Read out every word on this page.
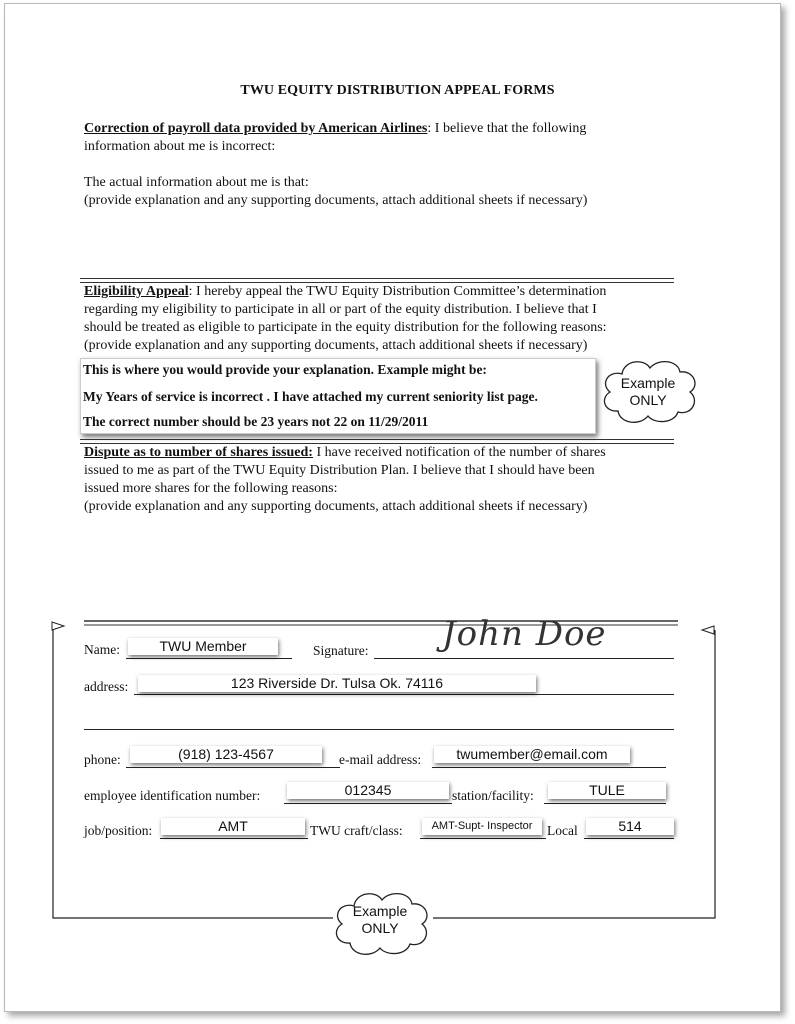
TWU EQUITY DISTRIBUTION APPEAL FORMS
Correction of payroll data provided by American Airlines: I believe that the following
information about me is incorrect:
The actual information about me is that:
(provide explanation and any supporting documents, attach additional sheets if necessary)
Eligibility Appeal: I hereby appeal the TWU Equity Distribution Committee’s determination
regarding my eligibility to participate in all or part of the equity distribution. I believe that I
should be treated as eligible to participate in the equity distribution for the following reasons:
(provide explanation and any supporting documents, attach additional sheets if necessary)
This is where you would provide your explanation. Example might be:
My Years of service is incorrect . I have attached my current seniority list page.
The correct number should be 23 years not 22 on 11/29/2011
Example
ONLY
Dispute as to number of shares issued: I have received notification of the number of shares
issued to me as part of the TWU Equity Distribution Plan. I believe that I should have been
issued more shares for the following reasons:
(provide explanation and any supporting documents, attach additional sheets if necessary)
Name:	TWU Member	Signature: John Doe
address:	123 Riverside Dr. Tulsa Ok. 74116
phone:	(918) 123-4567	e-mail address:	twumember@email.com
employee identification number:	012345	station/facility:	TULE
job/position:	AMT	TWU craft/class:	AMT-Supt- Inspector	Local	514
Example
ONLY
